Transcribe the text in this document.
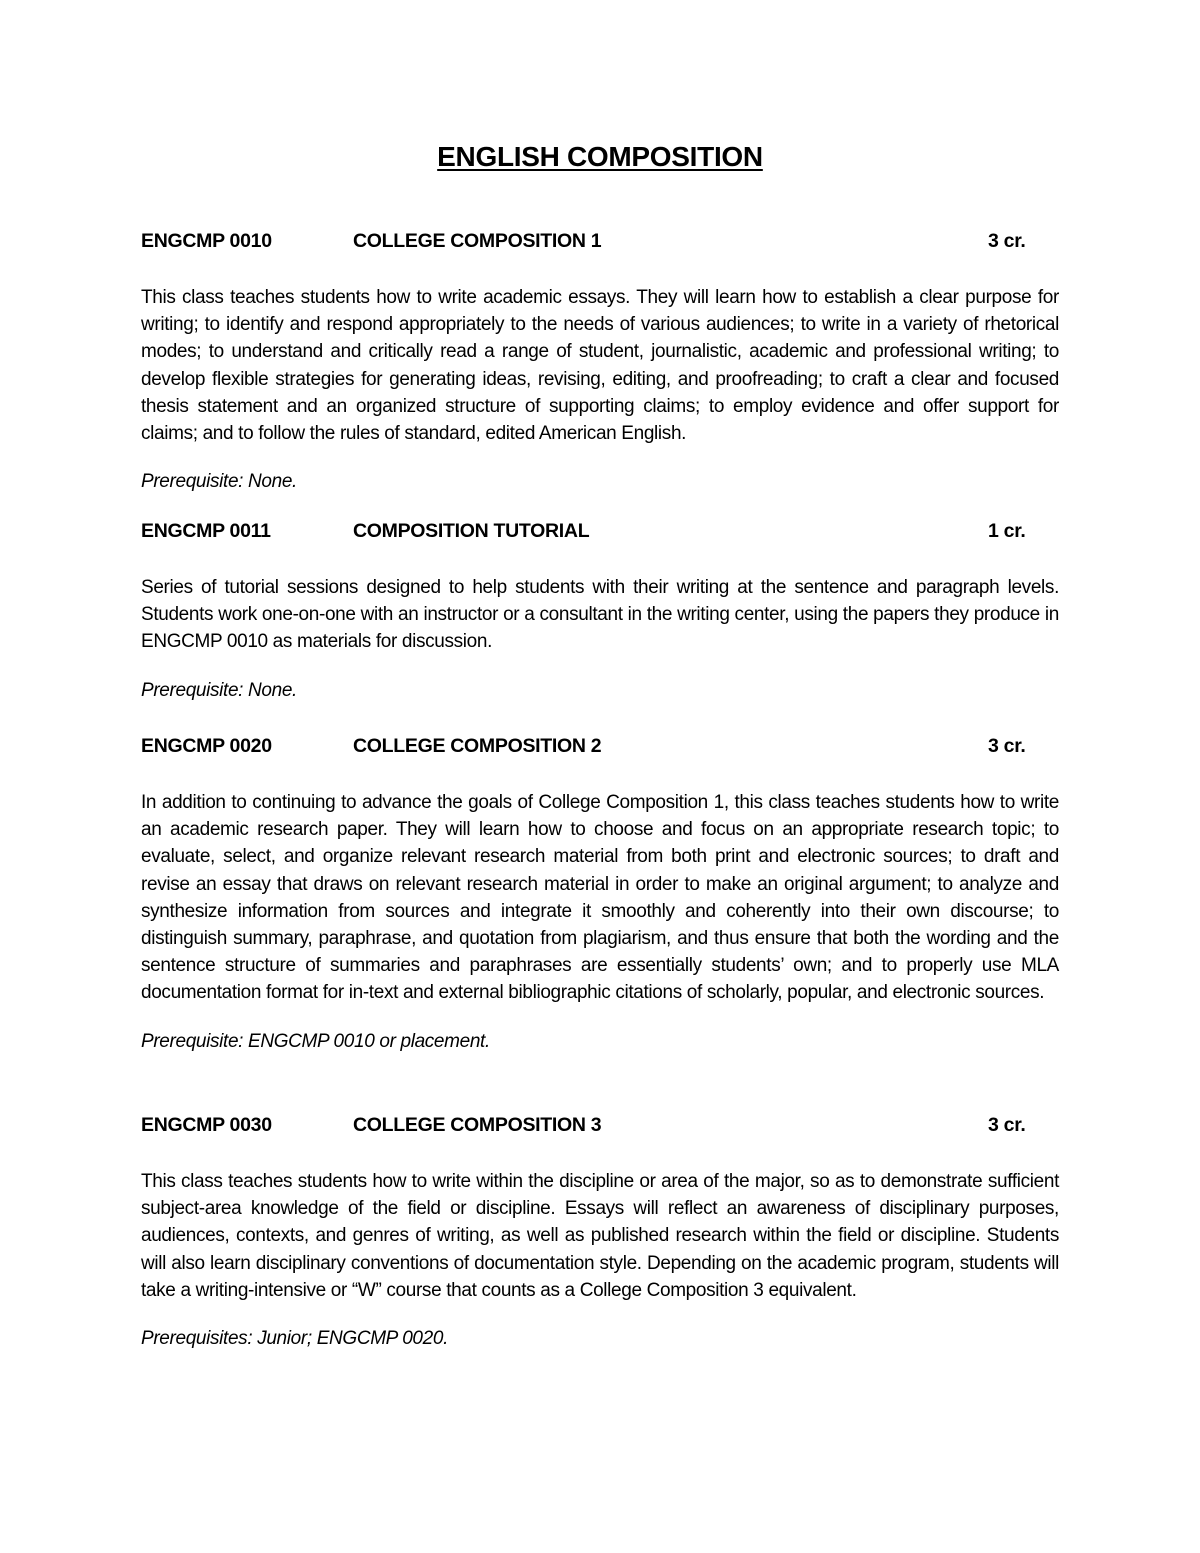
ENGLISH COMPOSITION
ENGCMP 0010	COLLEGE COMPOSITION 1	3 cr.

This class teaches students how to write academic essays. They will learn how to establish a clear purpose for writing; to identify and respond appropriately to the needs of various audiences; to write in a variety of rhetorical modes; to understand and critically read a range of student, journalistic, academic and professional writing; to develop flexible strategies for generating ideas, revising, editing, and proofreading; to craft a clear and focused thesis statement and an organized structure of supporting claims; to employ evidence and offer support for claims; and to follow the rules of standard, edited American English.

Prerequisite: None.

ENGCMP 0011	COMPOSITION TUTORIAL	1 cr.

Series of tutorial sessions designed to help students with their writing at the sentence and paragraph levels. Students work one-on-one with an instructor or a consultant in the writing center, using the papers they produce in ENGCMP 0010 as materials for discussion.

Prerequisite: None.

ENGCMP 0020	COLLEGE COMPOSITION 2	3 cr.

In addition to continuing to advance the goals of College Composition 1, this class teaches students how to write an academic research paper. They will learn how to choose and focus on an appropriate research topic; to evaluate, select, and organize relevant research material from both print and electronic sources; to draft and revise an essay that draws on relevant research material in order to make an original argument; to analyze and synthesize information from sources and integrate it smoothly and coherently into their own discourse; to distinguish summary, paraphrase, and quotation from plagiarism, and thus ensure that both the wording and the sentence structure of summaries and paraphrases are essentially students’ own; and to properly use MLA documentation format for in-text and external bibliographic citations of scholarly, popular, and electronic sources.

Prerequisite: ENGCMP 0010 or placement.

ENGCMP 0030	COLLEGE COMPOSITION 3	3 cr.

This class teaches students how to write within the discipline or area of the major, so as to demonstrate sufficient subject-area knowledge of the field or discipline. Essays will reflect an awareness of disciplinary purposes, audiences, contexts, and genres of writing, as well as published research within the field or discipline. Students will also learn disciplinary conventions of documentation style. Depending on the academic program, students will take a writing-intensive or “W” course that counts as a College Composition 3 equivalent.

Prerequisites: Junior; ENGCMP 0020.
